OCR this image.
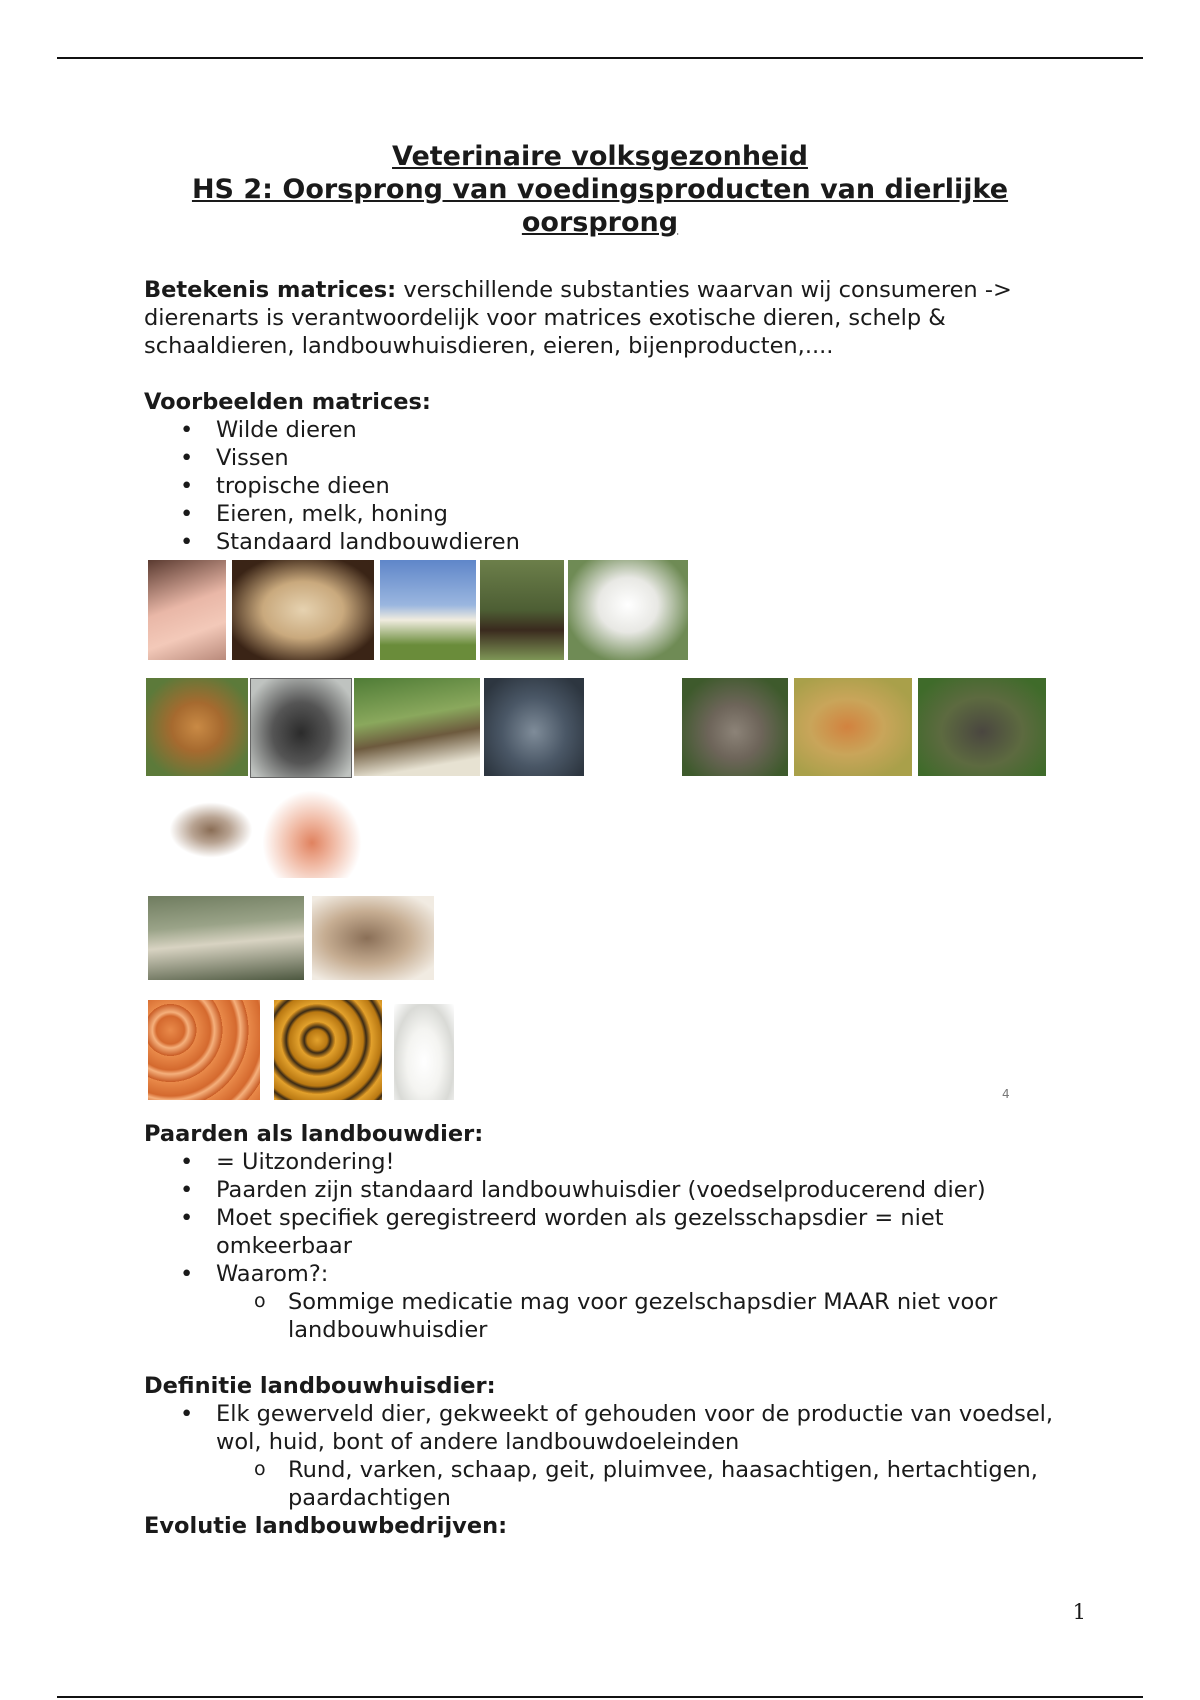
Veterinaire volksgezonheid
HS 2: Oorsprong van voedingsproducten van dierlijke
oorsprong

Betekenis matrices: verschillende substanties waarvan wij consumeren -> dierenarts is verantwoordelijk voor matrices exotische dieren, schelp & schaaldieren, landbouwhuisdieren, eieren, bijenproducten,....

Voorbeelden matrices:

• Wilde dieren
• Vissen
• tropische dieen
• Eieren, melk, honing
• Standaard landbouwdieren
4

Paarden als landbouwdier:

• = Uitzondering!
• Paarden zijn standaard landbouwhuisdier (voedselproducerend dier)
• Moet specifiek geregistreerd worden als gezelsschapsdier = niet omkeerbaar
• Waarom?:
o Sommige medicatie mag voor gezelschapsdier MAAR niet voor landbouwhuisdier

Definitie landbouwhuisdier:

• Elk gewerveld dier, gekweekt of gehouden voor de productie van voedsel, wol, huid, bont of andere landbouwdoeleinden
o Rund, varken, schaap, geit, pluimvee, haasachtigen, hertachtigen, paardachtigen

Evolutie landbouwbedrijven:

1
